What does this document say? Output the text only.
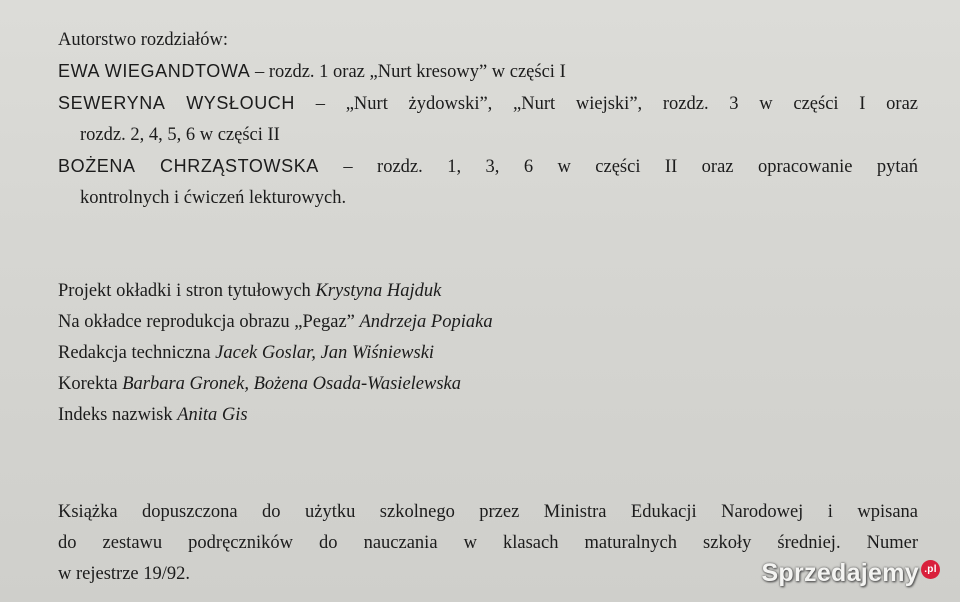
Autorstwo rozdziałów:
EWA WIEGANDTOWA – rozdz. 1 oraz „Nurt kresowy” w części I
SEWERYNA WYSŁOUCH – „Nurt żydowski”, „Nurt wiejski”, rozdz. 3 w części I oraz
rozdz. 2, 4, 5, 6 w części II
BOŻENA CHRZĄSTOWSKA – rozdz. 1, 3, 6 w części II oraz opracowanie pytań
kontrolnych i ćwiczeń lekturowych.
Projekt okładki i stron tytułowych Krystyna Hajduk
Na okładce reprodukcja obrazu „Pegaz” Andrzeja Popiaka
Redakcja techniczna Jacek Goslar, Jan Wiśniewski
Korekta Barbara Gronek, Bożena Osada-Wasielewska
Indeks nazwisk Anita Gis
Książka dopuszczona do użytku szkolnego przez Ministra Edukacji Narodowej i wpisana
do zestawu podręczników do nauczania w klasach maturalnych szkoły średniej. Numer
w rejestrze 19/92.	Sprzedajemy .pl
